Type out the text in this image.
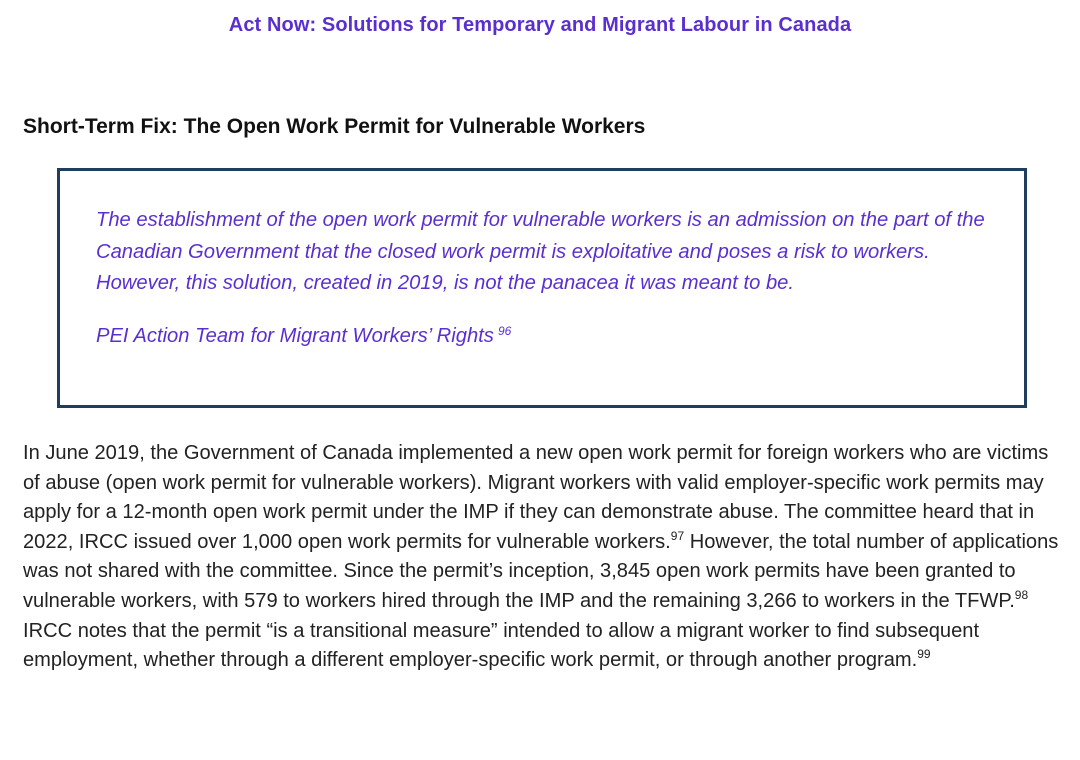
Act Now: Solutions for Temporary and Migrant Labour in Canada
Short-Term Fix: The Open Work Permit for Vulnerable Workers

The establishment of the open work permit for vulnerable workers is an admission on the part of the Canadian Government that the closed work permit is exploitative and poses a risk to workers. However, this solution, created in 2019, is not the panacea it was meant to be.

PEI Action Team for Migrant Workers’ Rights  $^{96}$

In June 2019, the Government of Canada implemented a new open work permit for foreign workers who are victims of abuse (open work permit for vulnerable workers). Migrant workers with valid employer-specific work permits may apply for a 12-month open work permit under the IMP if they can demonstrate abuse. The committee heard that in 2022, IRCC issued over 1,000 open work permits for vulnerable workers.$^{97}$ However, the total number of applications was not shared with the committee. Since the permit’s inception, 3,845 open work permits have been granted to vulnerable workers, with 579 to workers hired through the IMP and the remaining 3,266 to workers in the TFWP.$^{98}$ IRCC notes that the permit “is a transitional measure” intended to allow a migrant worker to find subsequent employment, whether through a different employer-specific work permit, or through another program.$^{99}$
